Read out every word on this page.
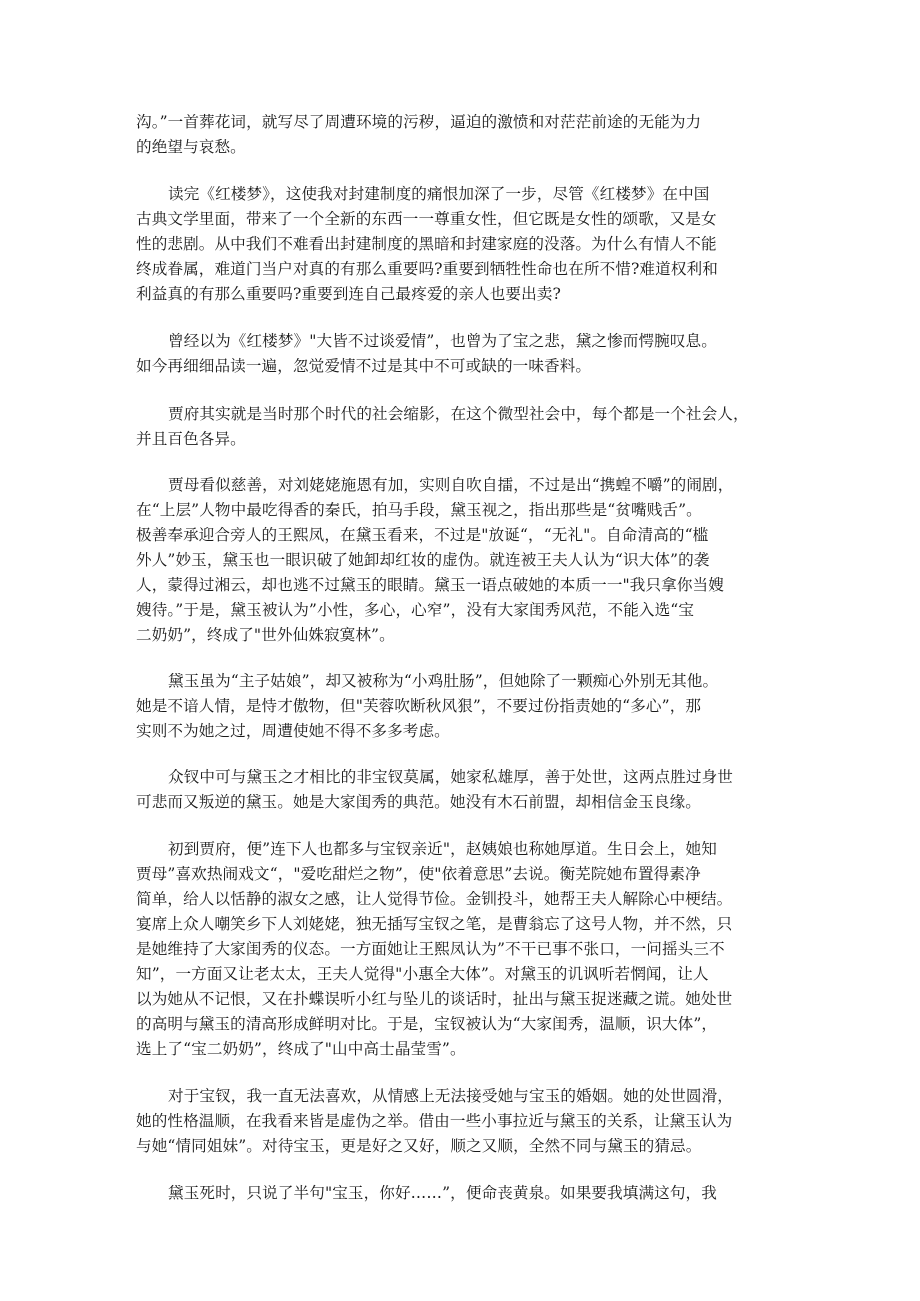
沟。”一首葬花词，就写尽了周遭环境的污秽，逼迫的激愤和对茫茫前途的无能为力
的绝望与哀愁。
读完《红楼梦》，这使我对封建制度的痛恨加深了一步，尽管《红楼梦》在中国
古典文学里面，带来了一个全新的东西一一尊重女性，但它既是女性的颂歌，又是女
性的悲剧。从中我们不难看出封建制度的黑暗和封建家庭的没落。为什么有情人不能
终成眷属，难道门当户对真的有那么重要吗?重要到牺牲性命也在所不惜?难道权利和
利益真的有那么重要吗?重要到连自己最疼爱的亲人也要出卖?
曾经以为《红楼梦》"大皆不过谈爱情”，也曾为了宝之悲，黛之惨而愕腕叹息。
如今再细细品读一遍，忽觉爱情不过是其中不可或缺的一味香料。
贾府其实就是当时那个时代的社会缩影，在这个微型社会中，每个都是一个社会人，
并且百色各异。
贾母看似慈善，对刘姥姥施恩有加，实则自吹自擂，不过是出“携蝗不嚼”的闹剧，
在“上层”人物中最吃得香的秦氏，拍马手段，黛玉视之，指出那些是“贫嘴贱舌”。
极善奉承迎合旁人的王熙凤，在黛玉看来，不过是"放诞“，“无礼"。自命清高的“槛
外人”妙玉，黛玉也一眼识破了她卸却红妆的虚伪。就连被王夫人认为“识大体”的袭
人，蒙得过湘云，却也逃不过黛玉的眼睛。黛玉一语点破她的本质一一"我只拿你当嫂
嫂待。”于是，黛玉被认为”小性，多心，心窄”，没有大家闺秀风范，不能入选“宝
二奶奶”，终成了"世外仙姝寂寞林”。
黛玉虽为“主子姑娘”，却又被称为“小鸡肚肠”，但她除了一颗痴心外别无其他。
她是不谙人情，是恃才傲物，但"芙蓉吹断秋风狠”，不要过份指责她的“多心”，那
实则不为她之过，周遭使她不得不多多考虑。
众钗中可与黛玉之才相比的非宝钗莫属，她家私雄厚，善于处世，这两点胜过身世
可悲而又叛逆的黛玉。她是大家闺秀的典范。她没有木石前盟，却相信金玉良缘。
初到贾府，便”连下人也都多与宝钗亲近"，赵姨娘也称她厚道。生日会上，她知
贾母”喜欢热闹戏文“，"爱吃甜烂之物”，使"依着意思”去说。衡芜院她布置得素净
简单，给人以恬静的淑女之感，让人觉得节俭。金钏投斗，她帮王夫人解除心中梗结。
宴席上众人嘲笑乡下人刘姥姥，独无插写宝钗之笔，是曹翁忘了这号人物，并不然，只
是她维持了大家闺秀的仪态。一方面她让王熙凤认为”不干已事不张口，一问摇头三不
知”，一方面又让老太太，王夫人觉得"小惠全大体”。对黛玉的讥讽听若惘闻，让人
以为她从不记恨，又在扑蝶误听小红与坠儿的谈话时，扯出与黛玉捉迷藏之谎。她处世
的高明与黛玉的清高形成鲜明对比。于是，宝钗被认为“大家闺秀，温顺，识大体”，
选上了“宝二奶奶”，终成了"山中高士晶莹雪”。
对于宝钗，我一直无法喜欢，从情感上无法接受她与宝玉的婚姻。她的处世圆滑，
她的性格温顺，在我看来皆是虚伪之举。借由一些小事拉近与黛玉的关系，让黛玉认为
与她“情同姐妹”。对待宝玉，更是好之又好，顺之又顺，全然不同与黛玉的猜忌。
黛玉死时，只说了半句"宝玉，你好……”，便命丧黄泉。如果要我填满这句，我
